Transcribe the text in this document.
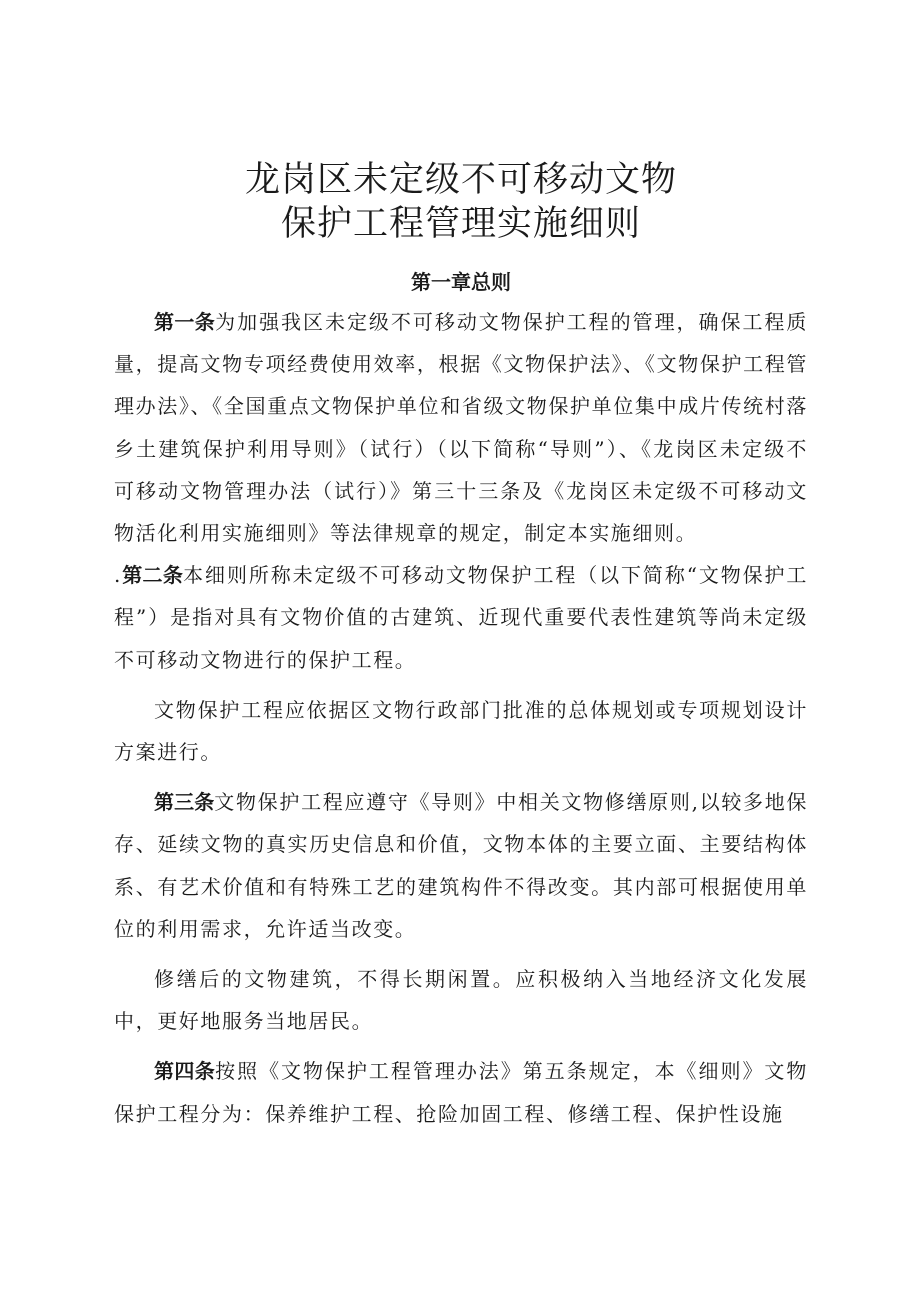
龙岗区未定级不可移动文物
保护工程管理实施细则
第一章总则

第一条为加强我区未定级不可移动文物保护工程的管理，确保工程质量，提高文物专项经费使用效率，根据《文物保护法》、《文物保护工程管理办法》、《全国重点文物保护单位和省级文物保护单位集中成片传统村落乡土建筑保护利用导则》（试行）（以下简称“导则”）、《龙岗区未定级不可移动文物管理办法（试行）》第三十三条及《龙岗区未定级不可移动文物活化利用实施细则》等法律规章的规定，制定本实施细则。

.第二条本细则所称未定级不可移动文物保护工程（以下简称“文物保护工程”）是指对具有文物价值的古建筑、近现代重要代表性建筑等尚未定级不可移动文物进行的保护工程。

文物保护工程应依据区文物行政部门批准的总体规划或专项规划设计方案进行。

第三条文物保护工程应遵守《导则》中相关文物修缮原则,以较多地保存、延续文物的真实历史信息和价值，文物本体的主要立面、主要结构体系、有艺术价值和有特殊工艺的建筑构件不得改变。其内部可根据使用单位的利用需求，允许适当改变。

修缮后的文物建筑，不得长期闲置。应积极纳入当地经济文化发展中，更好地服务当地居民。

第四条按照《文物保护工程管理办法》第五条规定，本《细则》文物保护工程分为：保养维护工程、抢险加固工程、修缮工程、保护性设施
